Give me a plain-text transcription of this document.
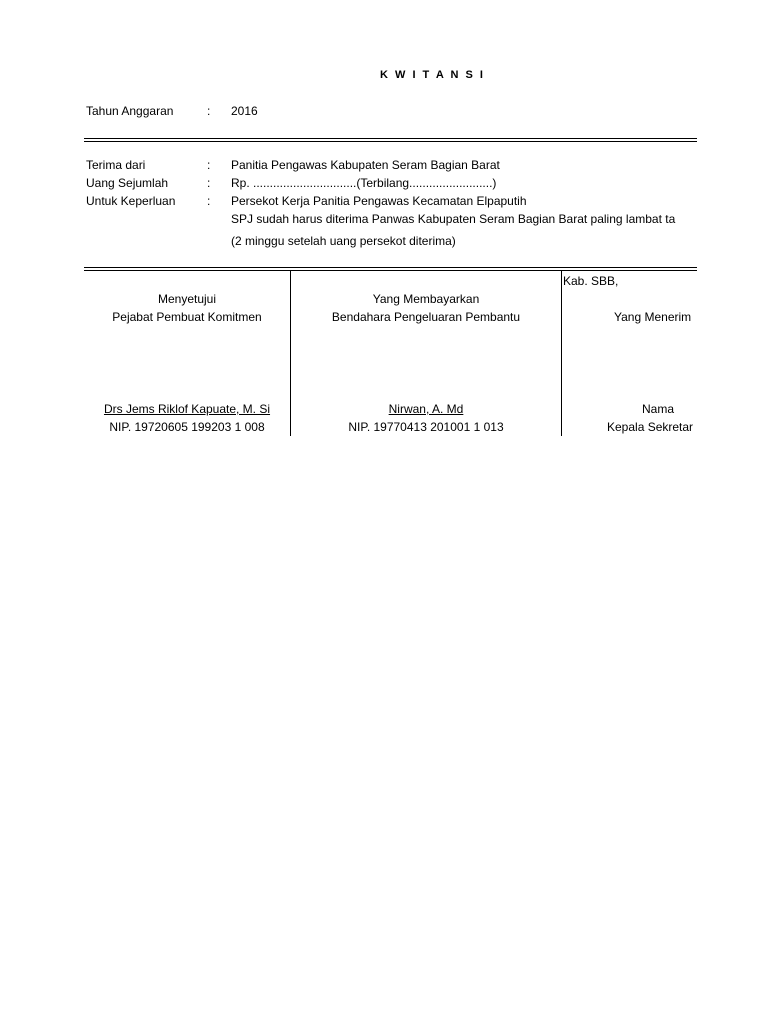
K W I T A N S I
Tahun Anggaran	: 2016
Terima dari	: Panitia Pengawas Kabupaten Seram Bagian Barat
Uang Sejumlah	: Rp. ...............................(Terbilang.........................)
Untuk Keperluan	: Persekot Kerja Panitia Pengawas Kecamatan Elpaputih
SPJ sudah harus diterima Panwas Kabupaten Seram Bagian Barat paling lambat ta
(2 minggu setelah uang persekot diterima)
Kab. SBB,
Menyetujui
Pejabat Pembuat Komitmen
Drs Jems Riklof Kapuate, M. Si
NIP. 19720605 199203 1 008
Yang Membayarkan
Bendahara Pengeluaran Pembantu
Nirwan, A. Md
NIP. 19770413 201001 1 013
Yang Menerim
Nama
Kepala Sekretar
